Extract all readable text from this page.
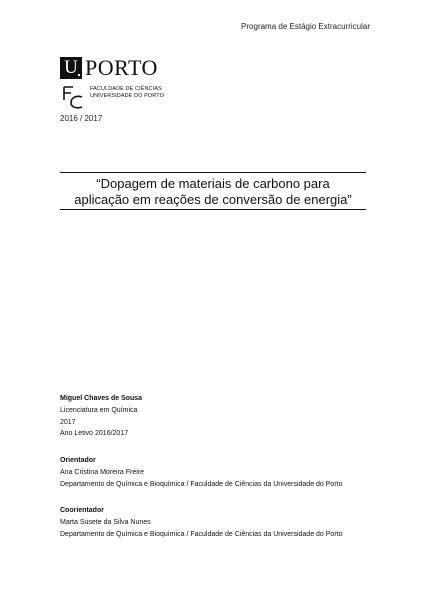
Programa de Estágio Extracurricular
U PORTO
FACULDADE DE CIÊNCIAS
UNIVERSIDADE DO PORTO
2016 / 2017
“Dopagem de materiais de carbono para
aplicação em reações de conversão de energia”
Miguel Chaves de Sousa
Licenciatura em Química
2017
Ano Letivo 2016/2017
Orientador
Ana Cristina Moreira Freire
Departamento de Química e Bioquímica / Faculdade de Ciências da Universidade do Porto
Coorientador
Marta Susete da Silva Nunes
Departamento de Química e Bioquímica / Faculdade de Ciências da Universidade do Porto
